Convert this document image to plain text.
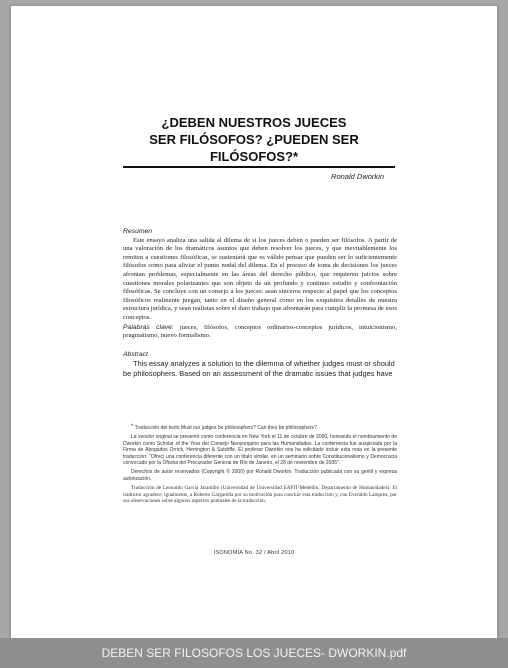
¿DEBEN NUESTROS JUECES
SER FILÓSOFOS? ¿PUEDEN SER
FILÓSOFOS?*
Ronald Dworkin
Resumen

Este ensayo analiza una salida al dilema de si los jueces deben o pueden ser filósofos. A partir de una valoración de los dramáticos asuntos que deben resolver los jueces, y que inevitablemente los remiten a cuestiones filosóficas, se sustentará que es válido pensar que pueden ser lo suficientemente filósofos como para aliviar el punto nodal del dilema. En el proceso de toma de decisiones los jueces afrontan problemas, especialmente en las áreas del derecho público, que requieren juicios sobre cuestiones morales polarizantes que son objeto de un profundo y continuo estudio y confrontación filosóficas. Se concluye con un consejo a los jueces: sean sinceros respecto al papel que los conceptos filosóficos realmente juegan, tanto en el diseño general como en los exquisitos detalles de nuestra estructura jurídica, y sean realistas sobre el duro trabajo que afrontarán para cumplir la promesa de esos conceptos.

Palabras clave: jueces, filósofos, conceptos ordinarios-conceptos jurídicos, intuicionismo, pragmatismo, nuevo formalismo.

Abstract

This essay analyzes a solution to the dilemma of whether judges must or should be philosophers. Based on an assessment of the dramatic issues that judges have

* Traducción del texto Must our judges be philosophers? Can they be philosophers?

La versión original se presentó como conferencia en New York el 11 de octubre de 2000, honrando el nombramiento de Dworkin como Scholar of the Year del Consejo Neoyorquino para las Humanidades. La conferencia fue auspiciada por la Firma de Abogados Orrick, Herrington & Sutcliffe. El profesor Dworkin nos ha solicitado incluir esta nota en la presente traducción: "Ofrecí una conferencia diferente con un título similar, en un seminario sobre Constitucionalismo y Democracia convocado por la Oficina del Procurador General de Río de Janeiro, el 28 de noviembre de 2005".

Derechos de autor reservados (Copyright © 2000) por Ronald Dworkin. Traducción publicada con su gentil y expresa autorización.

Traducción de Leonardo García Jaramillo (Universidad de Universidad EAFIT-Medellín, Departamento de Humanidades). El traductor agradece, igualmente, a Roberto Gargarella por su motivación para concluir esta traducción y, con Everaldo Lamprea, por sus observaciones sobre algunos aspectos puntuales de la traducción.

ISONOMÍA No. 32 / Abril 2010
DEBEN SER FILOSOFOS LOS JUECES- DWORKIN.pdf
